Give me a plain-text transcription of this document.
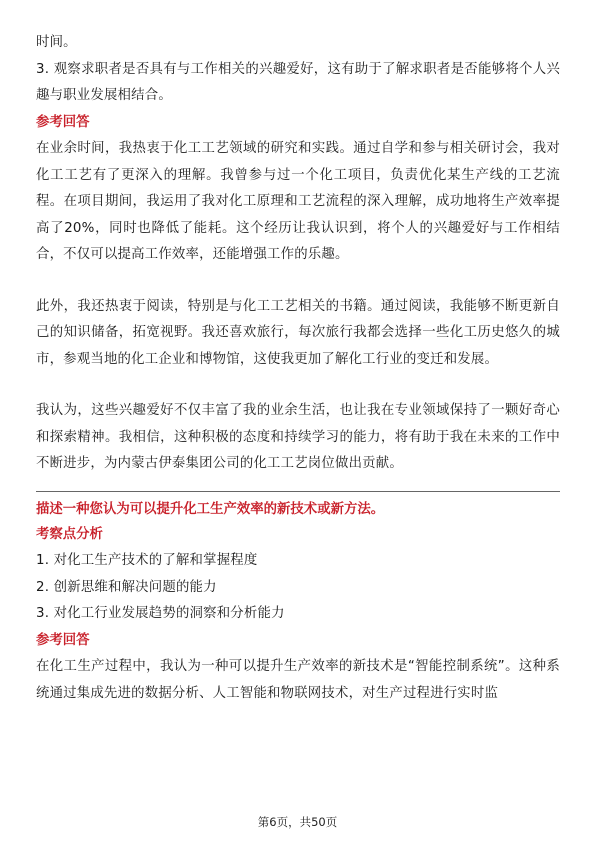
时间。

3. 观察求职者是否具有与工作相关的兴趣爱好，这有助于了解求职者是否能够将个人兴趣与职业发展相结合。

参考回答

在业余时间，我热衷于化工工艺领域的研究和实践。通过自学和参与相关研讨会，我对化工工艺有了更深入的理解。我曾参与过一个化工项目，负责优化某生产线的工艺流程。在项目期间，我运用了我对化工原理和工艺流程的深入理解，成功地将生产效率提高了20%，同时也降低了能耗。这个经历让我认识到，将个人的兴趣爱好与工作相结合，不仅可以提高工作效率，还能增强工作的乐趣。

此外，我还热衷于阅读，特别是与化工工艺相关的书籍。通过阅读，我能够不断更新自己的知识储备，拓宽视野。我还喜欢旅行，每次旅行我都会选择一些化工历史悠久的城市，参观当地的化工企业和博物馆，这使我更加了解化工行业的变迁和发展。

我认为，这些兴趣爱好不仅丰富了我的业余生活，也让我在专业领域保持了一颗好奇心和探索精神。我相信，这种积极的态度和持续学习的能力，将有助于我在未来的工作中不断进步，为内蒙古伊泰集团公司的化工工艺岗位做出贡献。

描述一种您认为可以提升化工生产效率的新技术或新方法。

考察点分析

1. 对化工生产技术的了解和掌握程度

2. 创新思维和解决问题的能力

3. 对化工行业发展趋势的洞察和分析能力

参考回答

在化工生产过程中，我认为一种可以提升生产效率的新技术是“智能控制系统”。这种系统通过集成先进的数据分析、人工智能和物联网技术，对生产过程进行实时监

第6页，共50页
